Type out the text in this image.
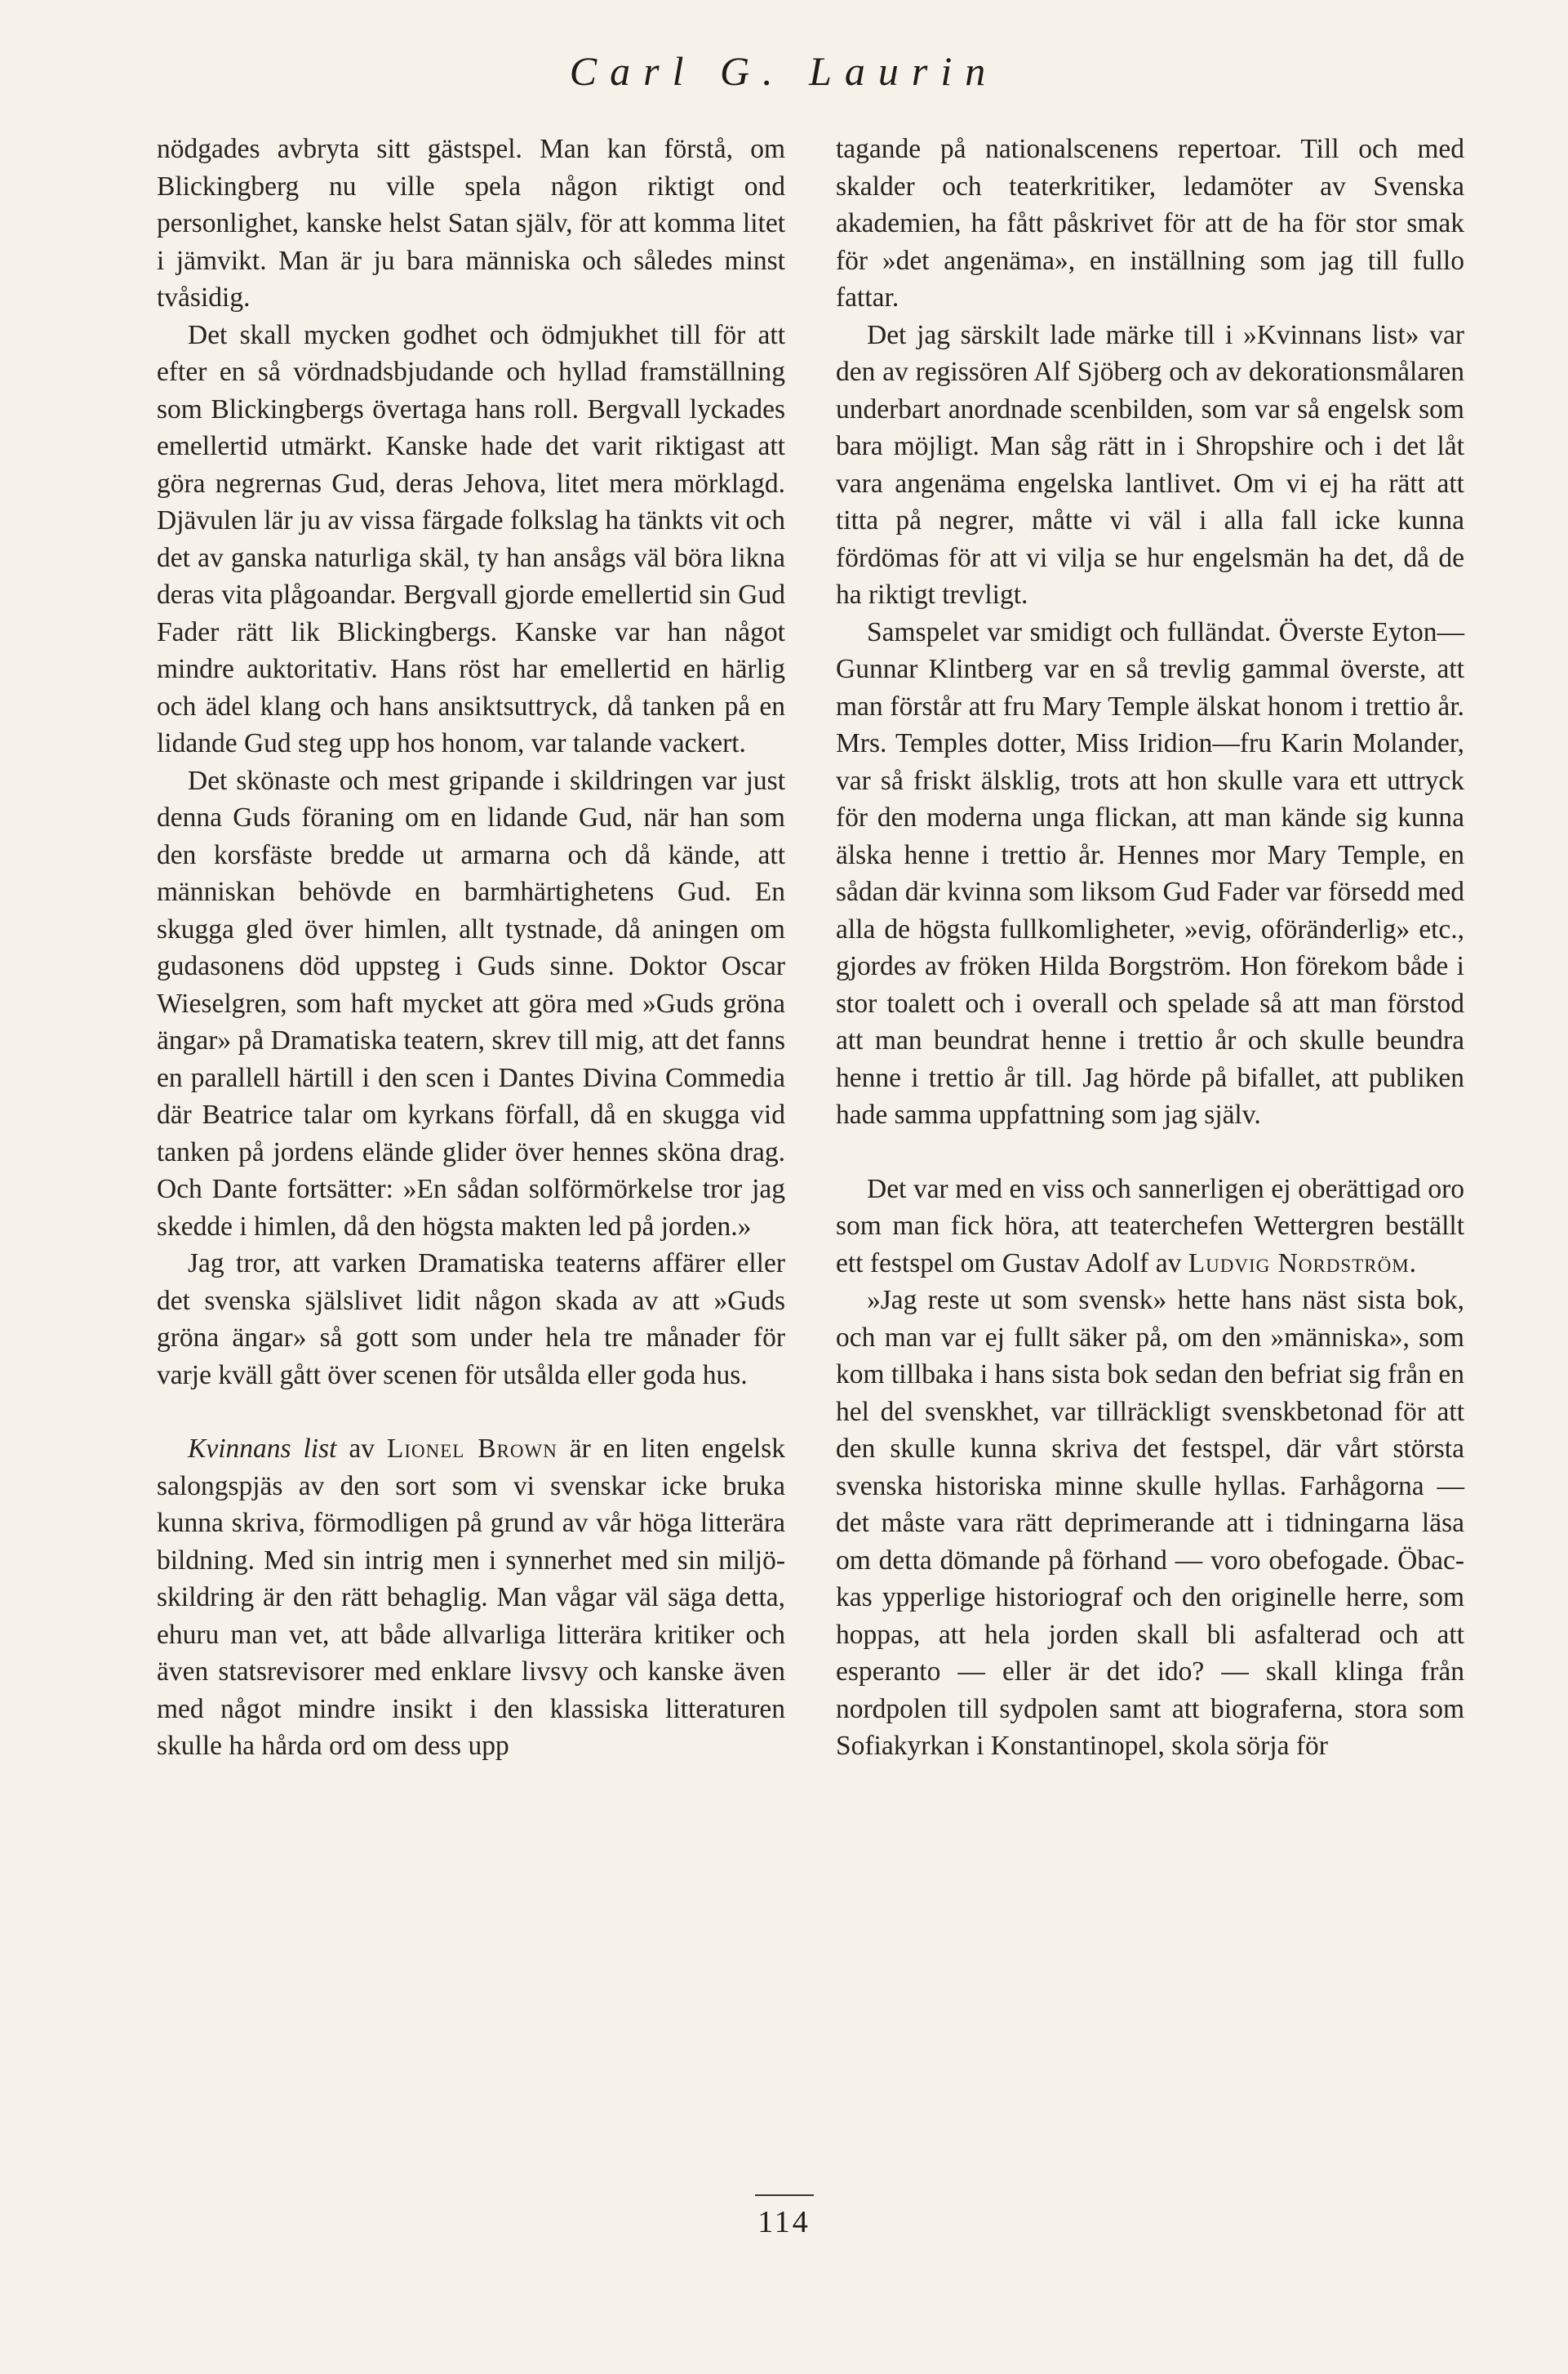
Carl G. Laurin

nödgades avbryta sitt gästspel. Man kan förstå, om Blickingberg nu ville spela någon riktigt ond personlighet, kanske helst Satan själv, för att komma litet i jämvikt. Man är ju bara människa och således minst tvåsidig.

Det skall mycken godhet och ödmjukhet till för att efter en så vördnadsbjudande och hyllad framställning som Blickingbergs övertaga hans roll. Bergvall lyckades emellertid utmärkt. Kanske hade det varit riktigast att göra negrernas Gud, deras Jehova, litet mera mörklagd. Djävulen lär ju av vissa färgade folkslag ha tänkts vit och det av ganska naturliga skäl, ty han ansågs väl böra likna deras vita plågoandar. Bergvall gjorde emellertid sin Gud Fader rätt lik Blickingbergs. Kanske var han något mindre auktoritativ. Hans röst har emellertid en härlig och ädel klang och hans ansiktsuttryck, då tanken på en lidande Gud steg upp hos honom, var talande vackert.

Det skönaste och mest gripande i skildringen var just denna Guds föraning om en lidande Gud, när han som den korsfäste bredde ut armarna och då kände, att människan behövde en barmhärtighetens Gud. En skugga gled över himlen, allt tystnade, då aningen om gudasonens död uppsteg i Guds sinne. Doktor Oscar Wieselgren, som haft mycket att göra med »Guds gröna ängar» på Dramatiska teatern, skrev till mig, att det fanns en parallell härtill i den scen i Dantes Divina Commedia där Beatrice talar om kyrkans förfall, då en skugga vid tanken på jordens elände glider över hennes sköna drag. Och Dante fortsätter: »En sådan solförmörkelse tror jag skedde i himlen, då den högsta makten led på jorden.»

Jag tror, att varken Dramatiska teaterns affärer eller det svenska själslivet lidit någon skada av att »Guds gröna ängar» så gott som under hela tre månader för varje kväll gått över scenen för utsålda eller goda hus.

Kvinnans list av Lionel Brown är en liten engelsk salongspjäs av den sort som vi svenskar icke bruka kunna skriva, förmodligen på grund av vår höga litterära bildning. Med sin intrig men i synnerhet med sin miljöskildring är den rätt behaglig. Man vågar väl säga detta, ehuru man vet, att både allvarliga litterära kritiker och även statsrevisorer med enklare livsvy och kanske även med något mindre insikt i den klassiska litteraturen skulle ha hårda ord om dess upp

tagande på nationalscenens repertoar. Till och med skalder och teaterkritiker, ledamöter av Svenska akademien, ha fått påskrivet för att de ha för stor smak för »det angenäma», en inställning som jag till fullo fattar.

Det jag särskilt lade märke till i »Kvinnans list» var den av regissören Alf Sjöberg och av dekorationsmålaren underbart anordnade scenbilden, som var så engelsk som bara möjligt. Man såg rätt in i Shropshire och i det låt vara angenäma engelska lantlivet. Om vi ej ha rätt att titta på negrer, måtte vi väl i alla fall icke kunna fördömas för att vi vilja se hur engelsmän ha det, då de ha riktigt trevligt.

Samspelet var smidigt och fulländat. Överste Eyton—Gunnar Klintberg var en så trevlig gammal överste, att man förstår att fru Mary Temple älskat honom i trettio år. Mrs. Temples dotter, Miss Iridion—fru Karin Molander, var så friskt älsklig, trots att hon skulle vara ett uttryck för den moderna unga flickan, att man kände sig kunna älska henne i trettio år. Hennes mor Mary Temple, en sådan där kvinna som liksom Gud Fader var försedd med alla de högsta fullkomligheter, »evig, oföränderlig» etc., gjordes av fröken Hilda Borgström. Hon förekom både i stor toalett och i overall och spelade så att man förstod att man beundrat henne i trettio år och skulle beundra henne i trettio år till. Jag hörde på bifallet, att publiken hade samma uppfattning som jag själv.

Det var med en viss och sannerligen ej oberättigad oro som man fick höra, att teaterchefen Wettergren beställt ett festspel om Gustav Adolf av Ludvig Nordström.

»Jag reste ut som svensk» hette hans näst sista bok, och man var ej fullt säker på, om den »människa», som kom tillbaka i hans sista bok sedan den befriat sig från en hel del svenskhet, var tillräckligt svenskbetonad för att den skulle kunna skriva det festspel, där vårt största svenska historiska minne skulle hyllas. Farhågorna — det måste vara rätt deprimerande att i tidningarna läsa om detta dömande på förhand — voro obefogade. Öbackas ypperlige historiograf och den originelle herre, som hoppas, att hela jorden skall bli asfalterad och att esperanto — eller är det ido? — skall klinga från nordpolen till sydpolen samt att biograferna, stora som Sofiakyrkan i Konstantinopel, skola sörja för

114
